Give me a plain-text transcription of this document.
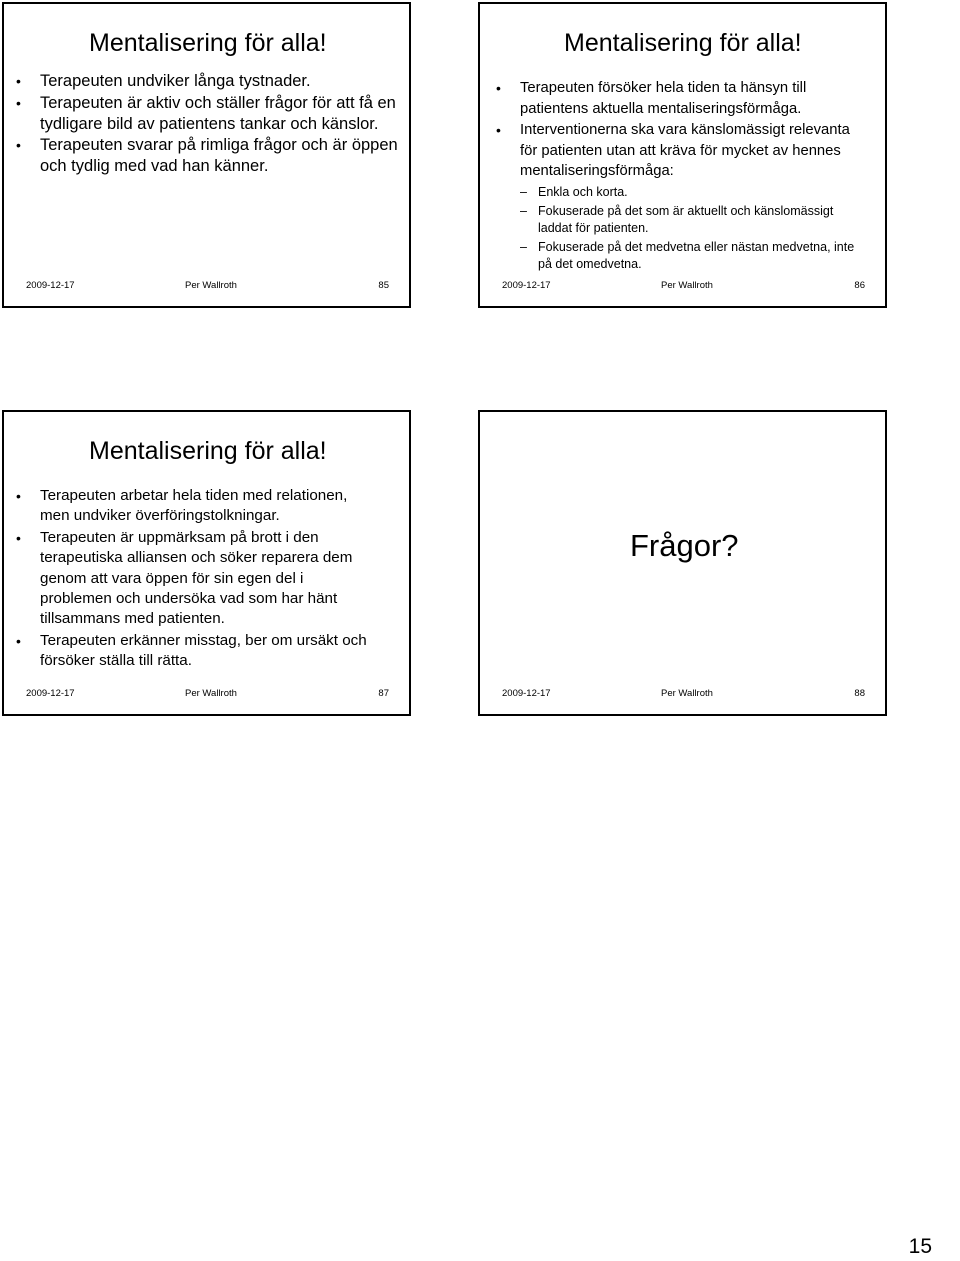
Mentalisering för alla!
• Terapeuten undviker långa tystnader.
• Terapeuten är aktiv och ställer frågor för att få en tydligare bild av patientens tankar och känslor.
• Terapeuten svarar på rimliga frågor och är öppen och tydlig med vad han känner.
2009-12-17	Per Wallroth	85
Mentalisering för alla!
• Terapeuten försöker hela tiden ta hänsyn till patientens aktuella mentaliseringsförmåga.
• Interventionerna ska vara känslomässigt relevanta för patienten utan att kräva för mycket av hennes mentaliseringsförmåga:
– Enkla och korta.
– Fokuserade på det som är aktuellt och känslomässigt laddat för patienten.
– Fokuserade på det medvetna eller nästan medvetna, inte på det omedvetna.
2009-12-17	Per Wallroth	86
Mentalisering för alla!
• Terapeuten arbetar hela tiden med relationen, men undviker överföringstolkningar.
• Terapeuten är uppmärksam på brott i den terapeutiska alliansen och söker reparera dem genom att vara öppen för sin egen del i problemen och undersöka vad som har hänt tillsammans med patienten.
• Terapeuten erkänner misstag, ber om ursäkt och försöker ställa till rätta.
2009-12-17	Per Wallroth	87
Frågor?
2009-12-17	Per Wallroth	88
15
